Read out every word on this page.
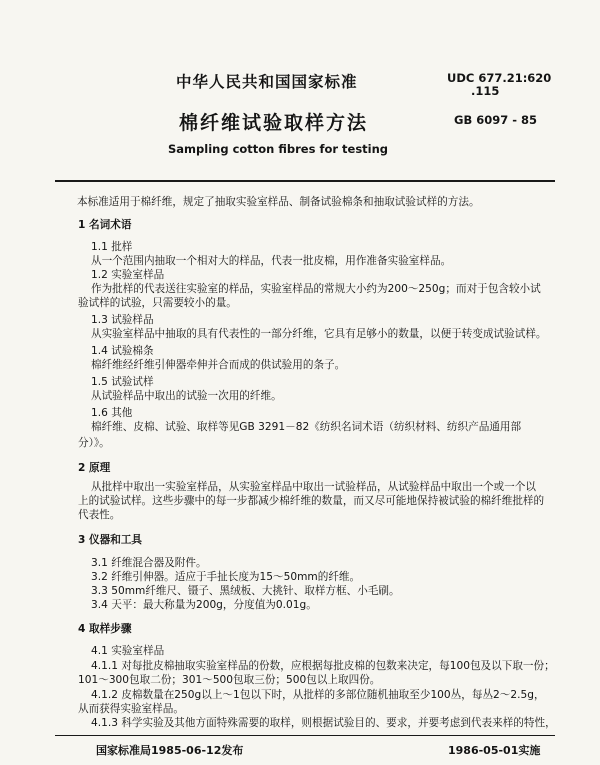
中华人民共和国国家标准	UDC 677.21:620
.115
棉纤维试验取样方法	GB 6097 - 85
Sampling cotton fibres for testing
本标准适用于棉纤维，规定了抽取实验室样品、制备试验棉条和抽取试验试样的方法。
1 名词术语
1.1 批样
从一个范围内抽取一个相对大的样品，代表一批皮棉，用作准备实验室样品。
1.2 实验室样品
作为批样的代表送往实验室的样品，实验室样品的常规大小约为200～250g；而对于包含较小试
验试样的试验，只需要较小的量。
1.3 试验样品
从实验室样品中抽取的具有代表性的一部分纤维，它具有足够小的数量，以便于转变成试验试样。
1.4 试验棉条
棉纤维经纤维引伸器牵伸并合而成的供试验用的条子。
1.5 试验试样
从试验样品中取出的试验一次用的纤维。
1.6 其他
棉纤维、皮棉、试验、取样等见GB 3291－82《纺织名词术语（纺织材料、纺织产品通用部
分）》。
2 原理
从批样中取出一实验室样品，从实验室样品中取出一试验样品，从试验样品中取出一个或一个以
上的试验试样。这些步骤中的每一步都减少棉纤维的数量，而又尽可能地保持被试验的棉纤维批样的
代表性。
3 仪器和工具
3.1 纤维混合器及附件。
3.2 纤维引伸器。适应于手扯长度为15～50mm的纤维。
3.3 50mm纤维尺、镊子、黑绒板、大挑针、取样方框、小毛刷。
3.4 天平：最大称量为200g，分度值为0.01g。
4 取样步骤
4.1 实验室样品
4.1.1 对每批皮棉抽取实验室样品的份数，应根据每批皮棉的包数来决定，每100包及以下取一份；
101～300包取二份；301～500包取三份；500包以上取四份。
4.1.2 皮棉数量在250g以上～1包以下时，从批样的多部位随机抽取至少100丛，每丛2～2.5g，
从而获得实验室样品。
4.1.3 科学实验及其他方面特殊需要的取样，则根据试验目的、要求，并要考虑到代表来样的特性，
国家标准局1985-06-12发布	1986-05-01实施
